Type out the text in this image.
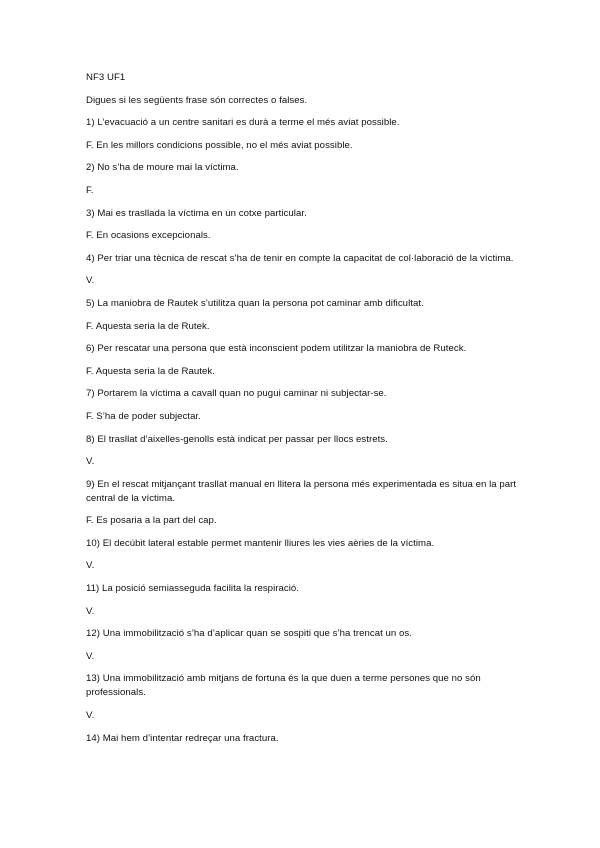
NF3 UF1
Digues si les següents frase són correctes o falses.
1) L’evacuació a un centre sanitari es durà a terme el més aviat possible.
F. En les millors condicions possible, no el més aviat possible.
2) No s’ha de moure mai la víctima.
F.
3) Mai es trasllada la víctima en un cotxe particular.
F. En ocasions excepcionals.
4) Per triar una tècnica de rescat s’ha de tenir en compte la capacitat de col·laboració de la víctima.
V.
5) La maniobra de Rautek s’utilitza quan la persona pot caminar amb dificultat.
F. Aquesta seria la de Rutek.
6) Per rescatar una persona que està inconscient podem utilitzar la maniobra de Ruteck.
F. Aquesta seria la de Rautek.
7) Portarem la víctima a cavall quan no pugui caminar ni subjectar-se.
F. S’ha de poder subjectar.
8) El trasllat d’aixelles-genolls està indicat per passar per llocs estrets.
V.
9) En el rescat mitjançant trasllat manual en llitera la persona més experimentada es situa en la part central de la víctima.
F. Es posaria a la part del cap.
10) El decúbit lateral estable permet mantenir lliures les vies aèries de la víctima.
V.
11) La posició semiasseguda facilita la respiració.
V.
12) Una immobilització s’ha d’aplicar quan se sospiti que s’ha trencat un os.
V.
13) Una immobilització amb mitjans de fortuna és la que duen a terme persones que no són professionals.
V.
14) Mai hem d’intentar redreçar una fractura.
